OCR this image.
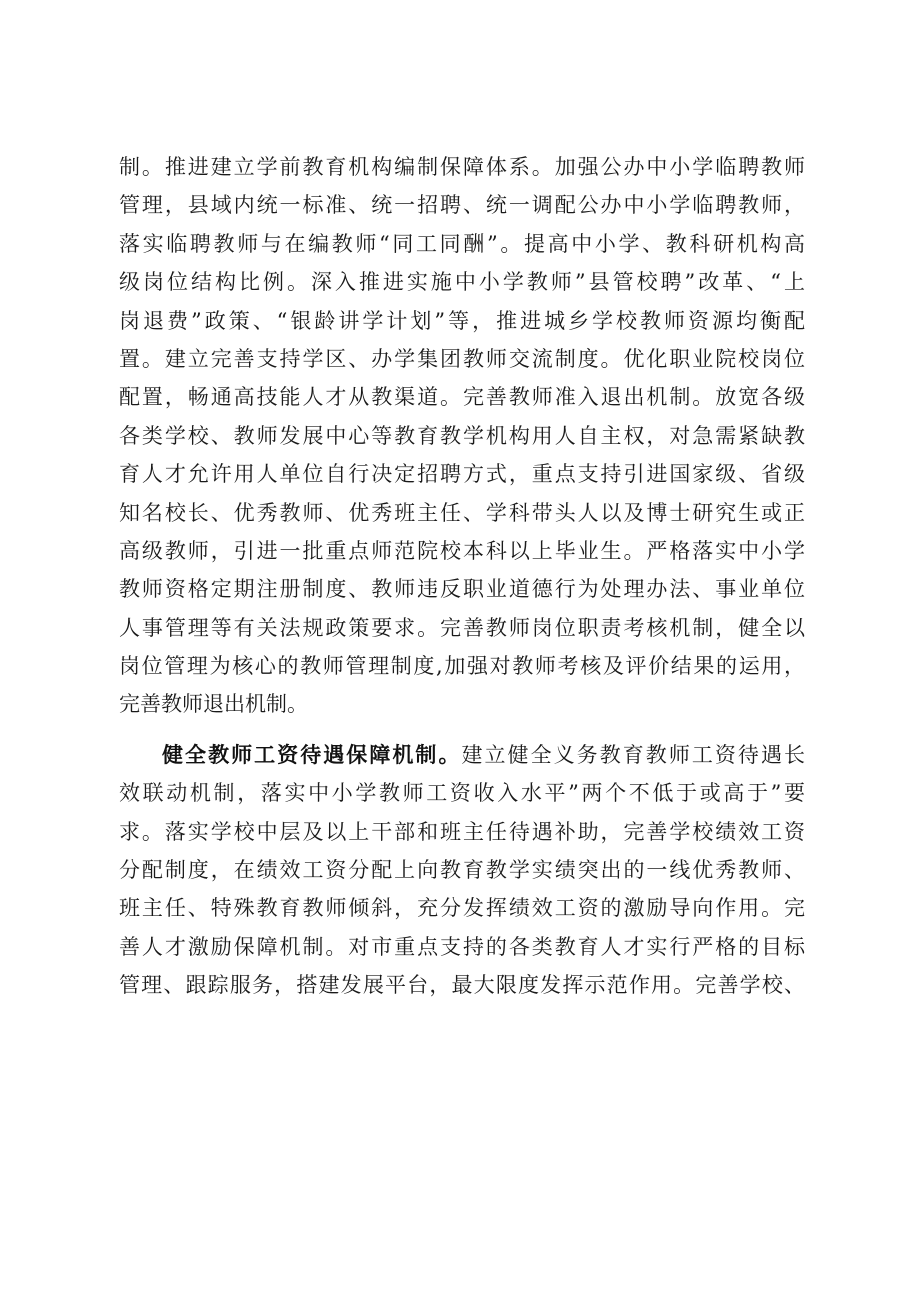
制。推进建立学前教育机构编制保障体系。加强公办中小学临聘教师
管理，县域内统一标准、统一招聘、统一调配公办中小学临聘教师，
落实临聘教师与在编教师“同工同酬”。提高中小学、教科研机构高
级岗位结构比例。深入推进实施中小学教师”县管校聘”改革、“上
岗退费”政策、“银龄讲学计划”等，推进城乡学校教师资源均衡配
置。建立完善支持学区、办学集团教师交流制度。优化职业院校岗位
配置，畅通高技能人才从教渠道。完善教师准入退出机制。放宽各级
各类学校、教师发展中心等教育教学机构用人自主权，对急需紧缺教
育人才允许用人单位自行决定招聘方式，重点支持引进国家级、省级
知名校长、优秀教师、优秀班主任、学科带头人以及博士研究生或正
高级教师，引进一批重点师范院校本科以上毕业生。严格落实中小学
教师资格定期注册制度、教师违反职业道德行为处理办法、事业单位
人事管理等有关法规政策要求。完善教师岗位职责考核机制，健全以
岗位管理为核心的教师管理制度,加强对教师考核及评价结果的运用，
完善教师退出机制。
健全教师工资待遇保障机制。建立健全义务教育教师工资待遇长
效联动机制，落实中小学教师工资收入水平”两个不低于或高于”要
求。落实学校中层及以上干部和班主任待遇补助，完善学校绩效工资
分配制度，在绩效工资分配上向教育教学实绩突出的一线优秀教师、
班主任、特殊教育教师倾斜，充分发挥绩效工资的激励导向作用。完
善人才激励保障机制。对市重点支持的各类教育人才实行严格的目标
管理、跟踪服务，搭建发展平台，最大限度发挥示范作用。完善学校、
